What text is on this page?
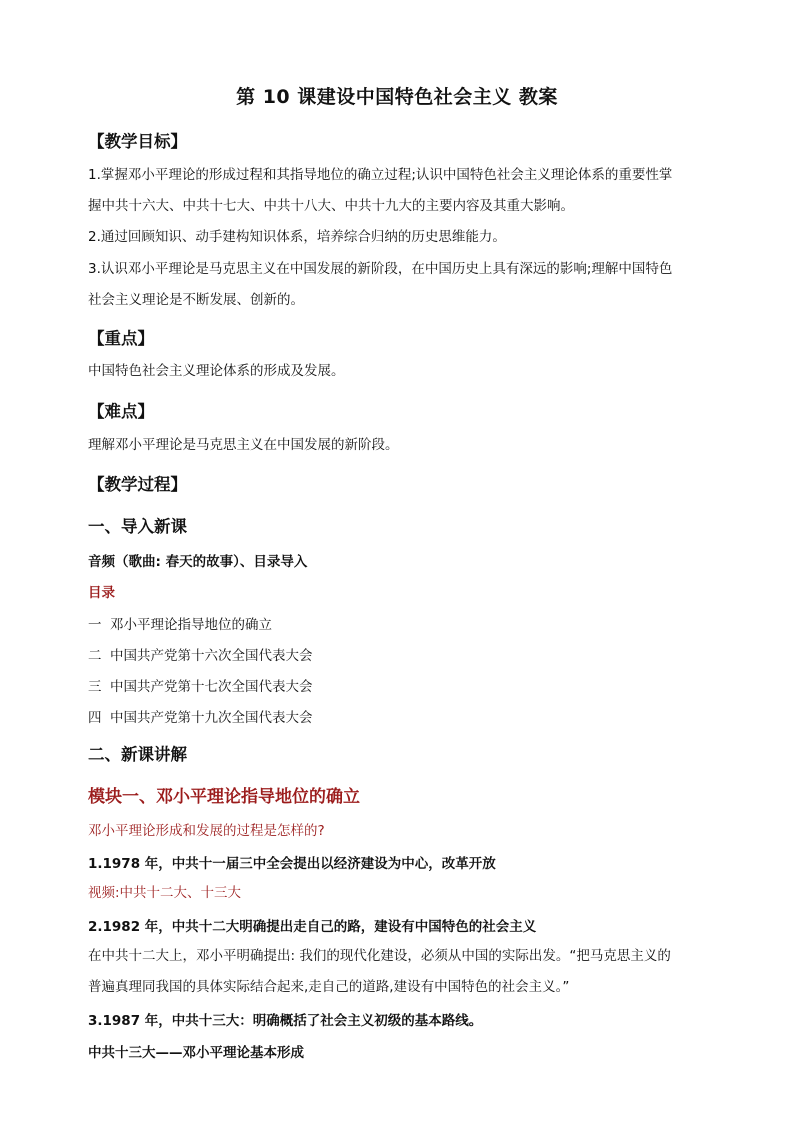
第 10 课建设中国特色社会主义 教案
【教学目标】
1.掌握邓小平理论的形成过程和其指导地位的确立过程;认识中国特色社会主义理论体系的重要性掌
握中共十六大、中共十七大、中共十八大、中共十九大的主要内容及其重大影响。
2.通过回顾知识、动手建构知识体系，培养综合归纳的历史思维能力。
3.认识邓小平理论是马克思主义在中国发展的新阶段，在中国历史上具有深远的影响;理解中国特色
社会主义理论是不断发展、创新的。
【重点】
中国特色社会主义理论体系的形成及发展。
【难点】
理解邓小平理论是马克思主义在中国发展的新阶段。
【教学过程】
一、导入新课
音频（歌曲: 春天的故事）、目录导入
目录
一 邓小平理论指导地位的确立
二 中国共产党第十六次全国代表大会
三 中国共产党第十七次全国代表大会
四 中国共产党第十九次全国代表大会
二、新课讲解
模块一、邓小平理论指导地位的确立
邓小平理论形成和发展的过程是怎样的?
1.1978 年，中共十一届三中全会提出以经济建设为中心，改革开放
视频:中共十二大、十三大
2.1982 年，中共十二大明确提出走自己的路，建设有中国特色的社会主义
在中共十二大上，邓小平明确提出: 我们的现代化建设，必须从中国的实际出发。“把马克思主义的
普遍真理同我国的具体实际结合起来,走自己的道路,建设有中国特色的社会主义。”
3.1987 年，中共十三大：明确概括了社会主义初级的基本路线。
中共十三大——邓小平理论基本形成
